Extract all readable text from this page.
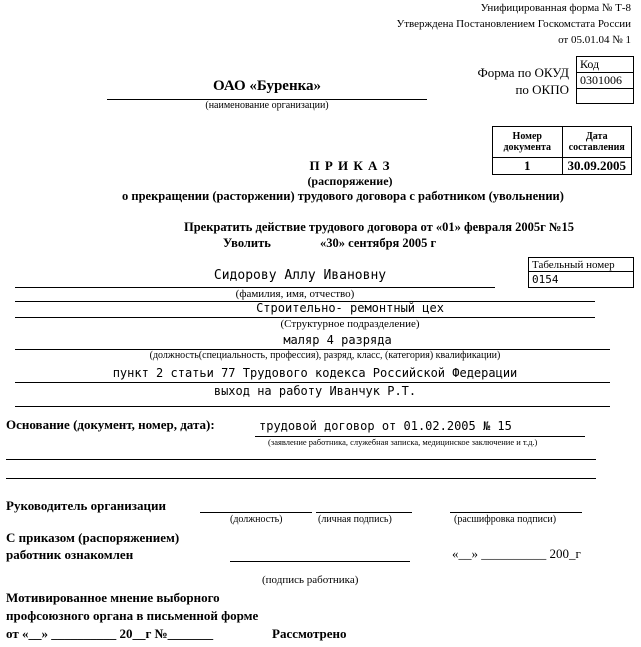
Унифицированная форма № Т-8
Утверждена Постановлением Госкомстата России
от 05.01.04 № 1
ОАО «Буренка»
(наименование организации)
Форма по ОКУД
по ОКПО
Код
0301006

Номер документа	Дата составления
1	30.09.2005
П Р И К А З
(распоряжение)
о прекращении (расторжении) трудового договора с работником (увольнении)
Прекратить действие трудового договора от «01» февраля 2005г №15
Уволить	«30» сентября 2005 г
Табельный номер
0154
Сидорову Аллу Ивановну
(фамилия, имя, отчество)
Строительно- ремонтный цех
(Структурное подразделение)
маляр 4 разряда
(должность(специальность, профессия), разряд, класс, (категория) квалификации)
пункт 2 статьи 77 Трудового кодекса Российской Федерации
выход на работу Иванчук Р.Т.
Основание (документ, номер, дата):	трудовой договор от 01.02.2005 № 15
(заявление работника, служебная записка, медицинское заключение и т.д.)
Руководитель организации
(должность)	(личная подпись)	(расшифровка подписи)
С приказом (распоряжением)
работник ознакомлен	«__» __________ 200_г
(подпись работника)
Мотивированное мнение выборного
профсоюзного органа в письменной форме
от «__» __________ 20__г №_______	Рассмотрено
